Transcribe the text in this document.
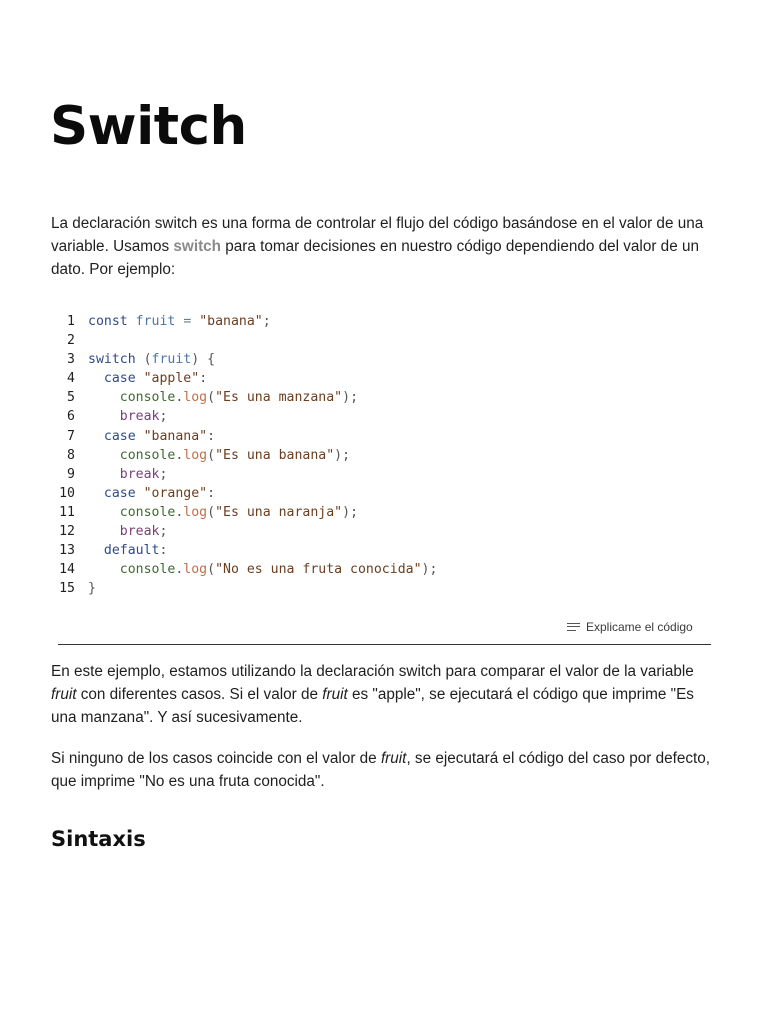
Switch

La declaración switch es una forma de controlar el flujo del código basándose en el valor de una variable. Usamos switch para tomar decisiones en nuestro código dependiendo del valor de un dato. Por ejemplo:

1 const fruit = "banana";
2
3 switch (fruit) {
4	case "apple":
5	console.log("Es una manzana");
6	break;
7	case "banana":
8	console.log("Es una banana");
9	break;
10	case "orange":
11	console.log("Es una naranja");
12	break;
13	default:
14	console.log("No es una fruta conocida");
15 }
Explicame el código

En este ejemplo, estamos utilizando la declaración switch para comparar el valor de la variable fruit con diferentes casos. Si el valor de fruit es "apple", se ejecutará el código que imprime "Es una manzana". Y así sucesivamente.

Si ninguno de los casos coincide con el valor de fruit, se ejecutará el código del caso por defecto, que imprime "No es una fruta conocida".

Sintaxis
